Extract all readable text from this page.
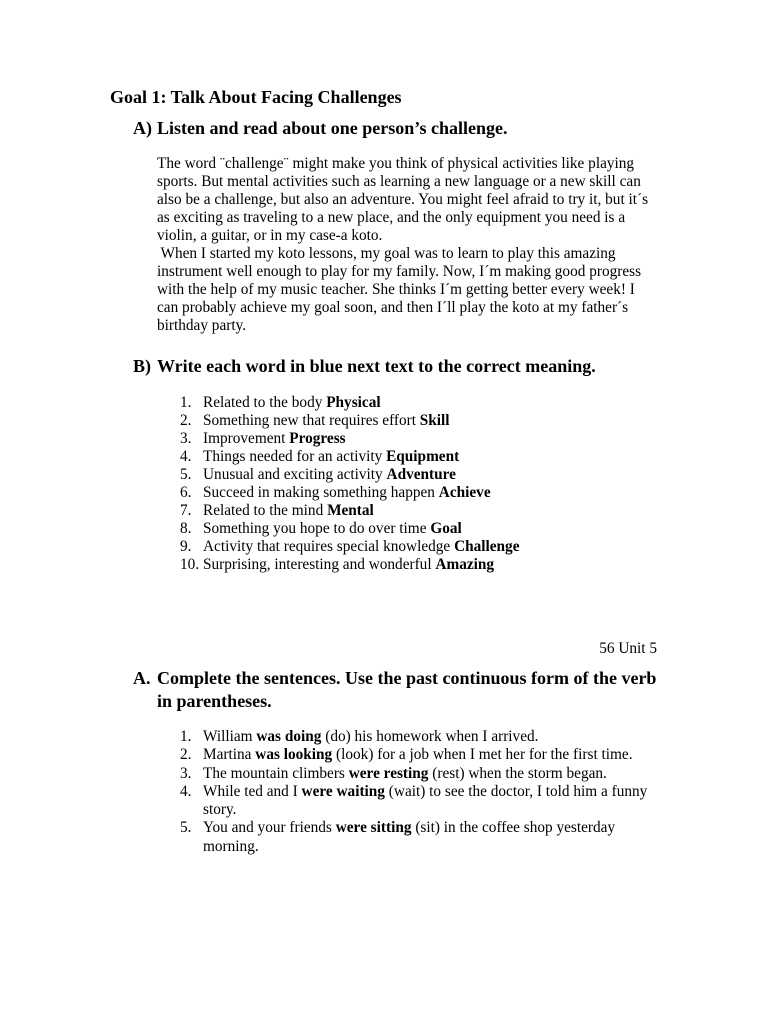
Goal 1: Talk About Facing Challenges
A) Listen and read about one person’s challenge.
The word ¨challenge¨ might make you think of physical activities like playing
sports. But mental activities such as learning a new language or a new skill can
also be a challenge, but also an adventure. You might feel afraid to try it, but it´s
as exciting as traveling to a new place, and the only equipment you need is a
violin, a guitar, or in my case-a koto.
When I started my koto lessons, my goal was to learn to play this amazing
instrument well enough to play for my family. Now, I´m making good progress
with the help of my music teacher. She thinks I´m getting better every week! I
can probably achieve my goal soon, and then I´ll play the koto at my father´s
birthday party.
B) Write each word in blue next text to the correct meaning.
1. Related to the body Physical
2. Something new that requires effort Skill
3. Improvement Progress
4. Things needed for an activity Equipment
5. Unusual and exciting activity Adventure
6. Succeed in making something happen Achieve
7. Related to the mind Mental
8. Something you hope to do over time Goal
9. Activity that requires special knowledge Challenge
10. Surprising, interesting and wonderful Amazing
56 Unit 5
A. Complete the sentences. Use the past continuous form of the verb
in parentheses.
1. William was doing (do) his homework when I arrived.
2. Martina was looking (look) for a job when I met her for the first time.
3. The mountain climbers were resting (rest) when the storm began.
4. While ted and I were waiting (wait) to see the doctor, I told him a funny
story.
5. You and your friends were sitting (sit) in the coffee shop yesterday
morning.
